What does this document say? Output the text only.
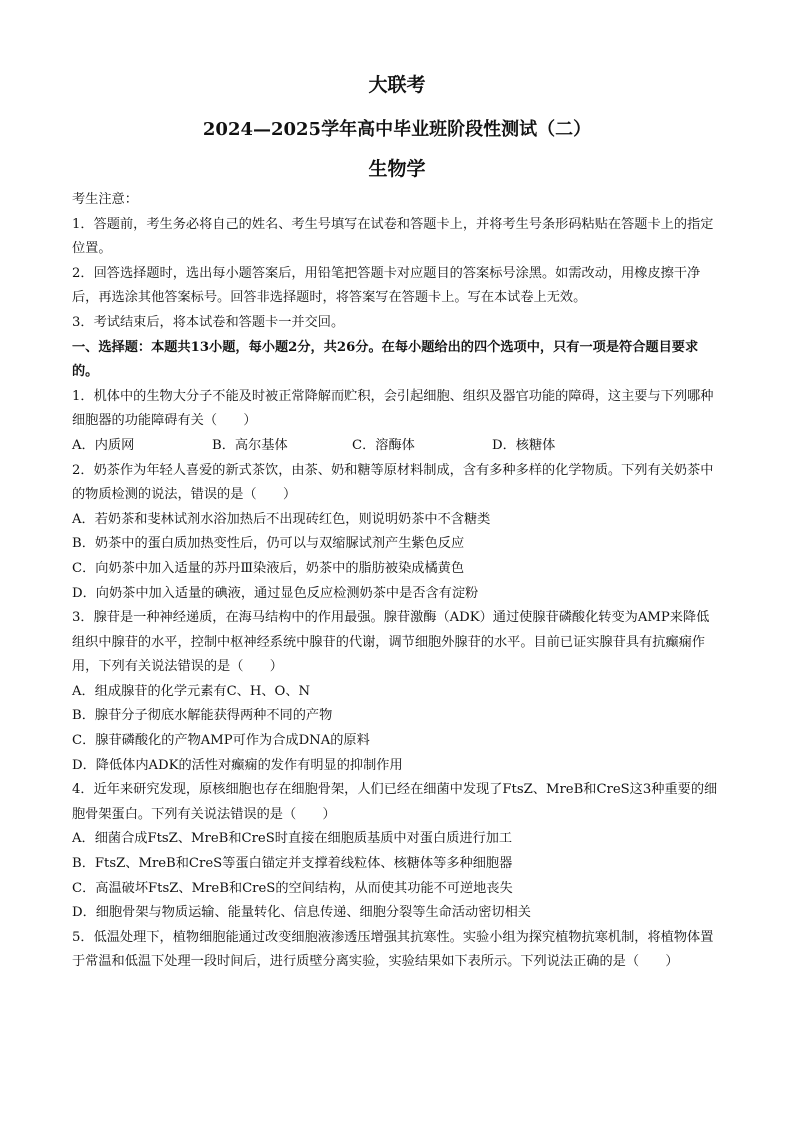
大联考
2024—2025学年高中毕业班阶段性测试（二）
生物学

考生注意：

1．答题前，考生务必将自己的姓名、考生号填写在试卷和答题卡上，并将考生号条形码粘贴在答题卡上的指定位置。

2．回答选择题时，选出每小题答案后，用铅笔把答题卡对应题目的答案标号涂黑。如需改动，用橡皮擦干净后，再选涂其他答案标号。回答非选择题时，将答案写在答题卡上。写在本试卷上无效。

3．考试结束后，将本试卷和答题卡一并交回。

一、选择题：本题共13小题，每小题2分，共26分。在每小题给出的四个选项中，只有一项是符合题目要求的。

1．机体中的生物大分子不能及时被正常降解而贮积，会引起细胞、组织及器官功能的障碍，这主要与下列哪种细胞器的功能障碍有关（　　）

A．内质网	B．高尔基体	C．溶酶体	D．核糖体

2．奶茶作为年轻人喜爱的新式茶饮，由茶、奶和糖等原材料制成，含有多种多样的化学物质。下列有关奶茶中的物质检测的说法，错误的是（　　）

A．若奶茶和斐林试剂水浴加热后不出现砖红色，则说明奶茶中不含糖类

B．奶茶中的蛋白质加热变性后，仍可以与双缩脲试剂产生紫色反应

C．向奶茶中加入适量的苏丹Ⅲ染液后，奶茶中的脂肪被染成橘黄色

D．向奶茶中加入适量的碘液，通过显色反应检测奶茶中是否含有淀粉

3．腺苷是一种神经递质，在海马结构中的作用最强。腺苷激酶（ADK）通过使腺苷磷酸化转变为AMP来降低组织中腺苷的水平，控制中枢神经系统中腺苷的代谢，调节细胞外腺苷的水平。目前已证实腺苷具有抗癫痫作用，下列有关说法错误的是（　　）

A．组成腺苷的化学元素有C、H、O、N

B．腺苷分子彻底水解能获得两种不同的产物

C．腺苷磷酸化的产物AMP可作为合成DNA的原料

D．降低体内ADK的活性对癫痫的发作有明显的抑制作用

4．近年来研究发现，原核细胞也存在细胞骨架，人们已经在细菌中发现了FtsZ、MreB和CreS这3种重要的细胞骨架蛋白。下列有关说法错误的是（　　）

A．细菌合成FtsZ、MreB和CreS时直接在细胞质基质中对蛋白质进行加工

B．FtsZ、MreB和CreS等蛋白锚定并支撑着线粒体、核糖体等多种细胞器

C．高温破坏FtsZ、MreB和CreS的空间结构，从而使其功能不可逆地丧失

D．细胞骨架与物质运输、能量转化、信息传递、细胞分裂等生命活动密切相关

5．低温处理下，植物细胞能通过改变细胞液渗透压增强其抗寒性。实验小组为探究植物抗寒机制，将植物体置于常温和低温下处理一段时间后，进行质壁分离实验，实验结果如下表所示。下列说法正确的是（　　）
